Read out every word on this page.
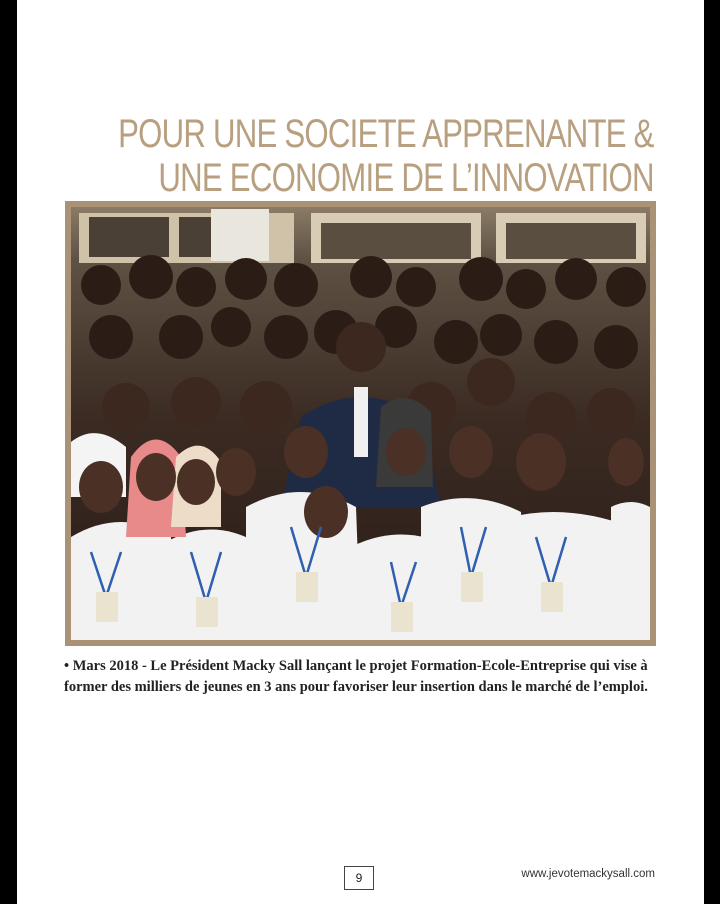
POUR UNE SOCIETE APPRENANTE &
UNE ECONOMIE DE L’INNOVATION
• Mars 2018 - Le Président Macky Sall lançant le projet Formation-Ecole-Entreprise qui vise à former des milliers de jeunes en 3 ans pour favoriser leur insertion dans le marché de l’emploi.
9	www.jevotemackysall.com
